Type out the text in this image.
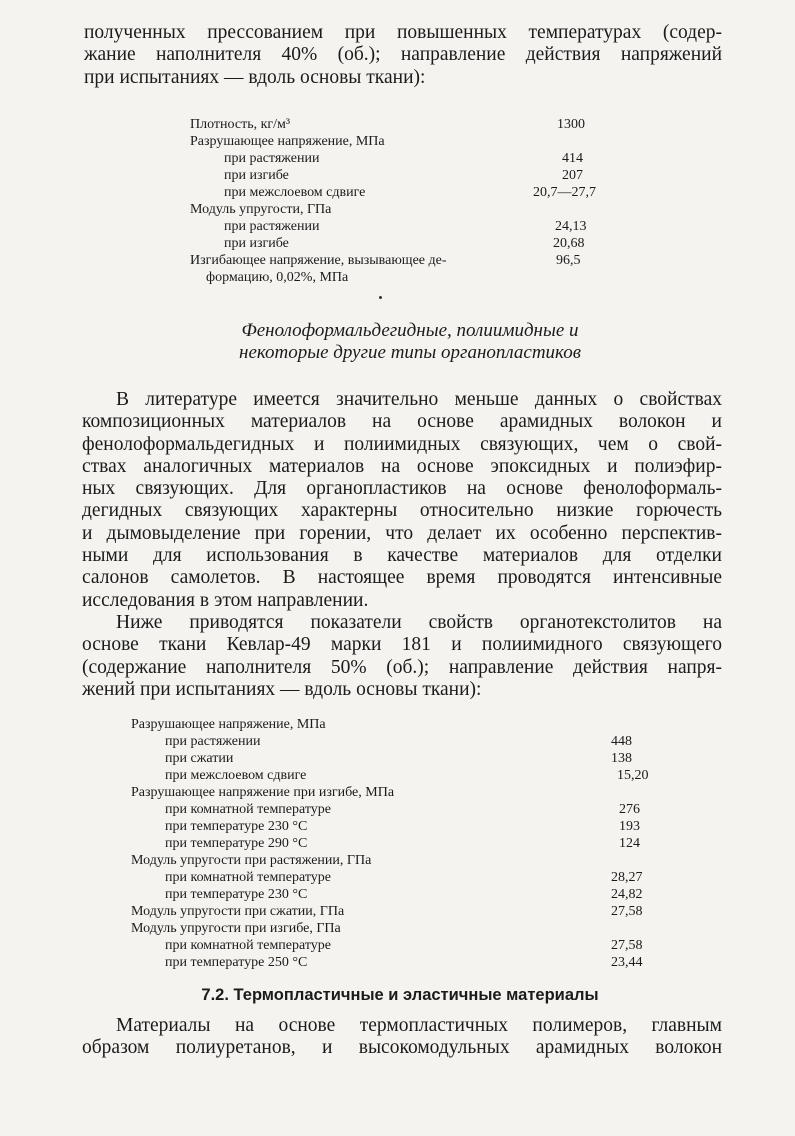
полученных прессованием при повышенных температурах (содер-
жание наполнителя 40% (об.); направление действия напряжений
при испытаниях — вдоль основы ткани):
Плотность, кг/м³	1300
Разрушающее напряжение, МПа
при растяжении	414
при изгибе	207
при межслоевом сдвиге	20,7—27,7
Модуль упругости, ГПа
при растяжении	24,13
при изгибе	20,68
Изгибающее напряжение, вызывающее де-	96,5
формацию, 0,02%, МПа
Фенолоформальдегидные, полиимидные и
некоторые другие типы органопластиков
В литературе имеется значительно меньше данных о свойствах
композиционных материалов на основе арамидных волокон и
фенолоформальдегидных и полиимидных связующих, чем о свой-
ствах аналогичных материалов на основе эпоксидных и полиэфир-
ных связующих. Для органопластиков на основе фенолоформаль-
дегидных связующих характерны относительно низкие горючесть
и дымовыделение при горении, что делает их особенно перспектив-
ными для использования в качестве материалов для отделки
салонов самолетов. В настоящее время проводятся интенсивные
исследования в этом направлении.
Ниже приводятся показатели свойств органотекстолитов на
основе ткани Кевлар-49 марки 181 и полиимидного связующего
(содержание наполнителя 50% (об.); направление действия напря-
жений при испытаниях — вдоль основы ткани):
Разрушающее напряжение, МПа
при растяжении	448
при сжатии	138
при межслоевом сдвиге	15,20
Разрушающее напряжение при изгибе, МПа
при комнатной температуре	276
при температуре 230 °С	193
при температуре 290 °С	124
Модуль упругости при растяжении, ГПа
при комнатной температуре	28,27
при температуре 230 °С	24,82
Модуль упругости при сжатии, ГПа	27,58
Модуль упругости при изгибе, ГПа
при комнатной температуре	27,58
при температуре 250 °С	23,44
7.2. Термопластичные и эластичные материалы
Материалы на основе термопластичных полимеров, главным
образом полиуретанов, и высокомодульных арамидных волокон
